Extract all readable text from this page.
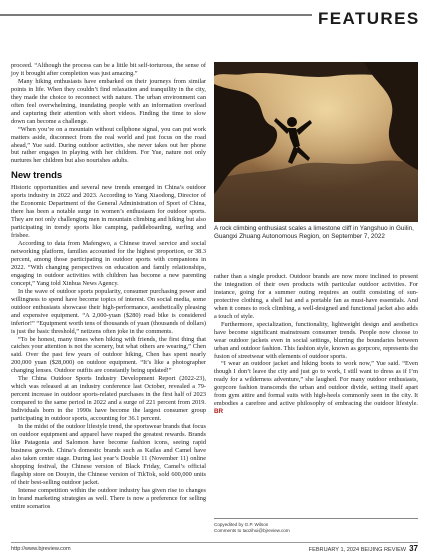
FEATURES

proceed. “Although the process can be a little bit self-torturous, the sense of joy it brought after completion was just amazing.”

Many hiking enthusiasts have embarked on their journeys from similar points in life. When they couldn’t find relaxation and tranquility in the city, they made the choice to reconnect with nature. The urban environment can often feel overwhelming, inundating people with an information overload and capturing their attention with short videos. Finding the time to slow down can become a challenge.

“When you’re on a mountain without cellphone signal, you can put work matters aside, disconnect from the real world and just focus on the road ahead,” Yue said. During outdoor activities, she never takes out her phone but rather engages in playing with her children. For Yue, nature not only nurtures her children but also nourishes adults.

New trends

Historic opportunities and several new trends emerged in China’s outdoor sports industry in 2022 and 2023. According to Yang Xiaodong, Director of the Economic Department of the General Administration of Sport of China, there has been a notable surge in women’s enthusiasm for outdoor sports. They are not only challenging men in mountain climbing and hiking but also participating in trendy sports like camping, paddleboarding, surfing and frisbee.

According to data from Mafengwo, a Chinese travel service and social networking platform, families accounted for the highest proportion, or 38.3 percent, among those participating in outdoor sports with companions in 2022. “With changing perspectives on education and family relationships, engaging in outdoor activities with children has become a new parenting concept,” Yang told Xinhua News Agency.

In the wave of outdoor sports popularity, consumer purchasing power and willingness to spend have become topics of interest. On social media, some outdoor enthusiasts showcase their high-performance, aesthetically pleasing and expensive equipment. “A 2,000-yuan ($280) road bike is considered inferior!” “Equipment worth tens of thousands of yuan (thousands of dollars) is just the basic threshold,” netizens often joke in the comments.

“To be honest, many times when hiking with friends, the first thing that catches your attention is not the scenery, but what others are wearing,” Chen said. Over the past few years of outdoor hiking, Chen has spent nearly 200,000 yuan ($28,000) on outdoor equipment. “It’s like a photographer changing lenses. Outdoor outfits are constantly being updated!”

The China Outdoor Sports Industry Development Report (2022-23), which was released at an industry conference last October, revealed a 79-percent increase in outdoor sports-related purchases in the first half of 2023 compared to the same period in 2022 and a surge of 221 percent from 2019. Individuals born in the 1990s have become the largest consumer group participating in outdoor sports, accounting for 36.1 percent.

In the midst of the outdoor lifestyle trend, the sportswear brands that focus on outdoor equipment and apparel have reaped the greatest rewards. Brands like Patagonia and Salomon have become fashion icons, seeing rapid business growth. China’s domestic brands such as Kailas and Camel have also taken center stage. During last year’s Double 11 (November 11) online shopping festival, the Chinese version of Black Friday, Camel’s official flagship store on Douyin, the Chinese version of TikTok, sold 600,000 units of their best-selling outdoor jacket.

Intense competition within the outdoor industry has given rise to changes in brand marketing strategies as well. There is now a preference for selling entire scenarios

A rock climbing enthusiast scales a limestone cliff in Yangshuo in Guilin, Guangxi Zhuang Autonomous Region, on September 7, 2022

rather than a single product. Outdoor brands are now more inclined to present the integration of their own products with particular outdoor activities. For instance, going for a summer outing requires an outfit consisting of sun-protective clothing, a shell hat and a portable fan as must-have essentials. And when it comes to rock climbing, a well-designed and functional jacket also adds a touch of style.

Furthermore, specialization, functionality, lightweight design and aesthetics have become significant mainstream consumer trends. People now choose to wear outdoor jackets even in social settings, blurring the boundaries between urban and outdoor fashion. This fashion style, known as gorpcore, represents the fusion of streetwear with elements of outdoor sports.

“I wear an outdoor jacket and hiking boots to work now,” Yue said. “Even though I don’t leave the city and just go to work, I still want to dress as if I’m ready for a wilderness adventure,” she laughed. For many outdoor enthusiasts, gorpcore fashion transcends the urban and outdoor divide, setting itself apart from gym attire and formal suits with high-heels commonly seen in the city. It embodies a carefree and active philosophy of embracing the outdoor lifestyle. BR

Copyedited by G.P. Wilson
Comments to taozihui@bjreview.com
http://www.bjreview.com	FEBRUARY 1, 2024 BEIJING REVIEW 37
